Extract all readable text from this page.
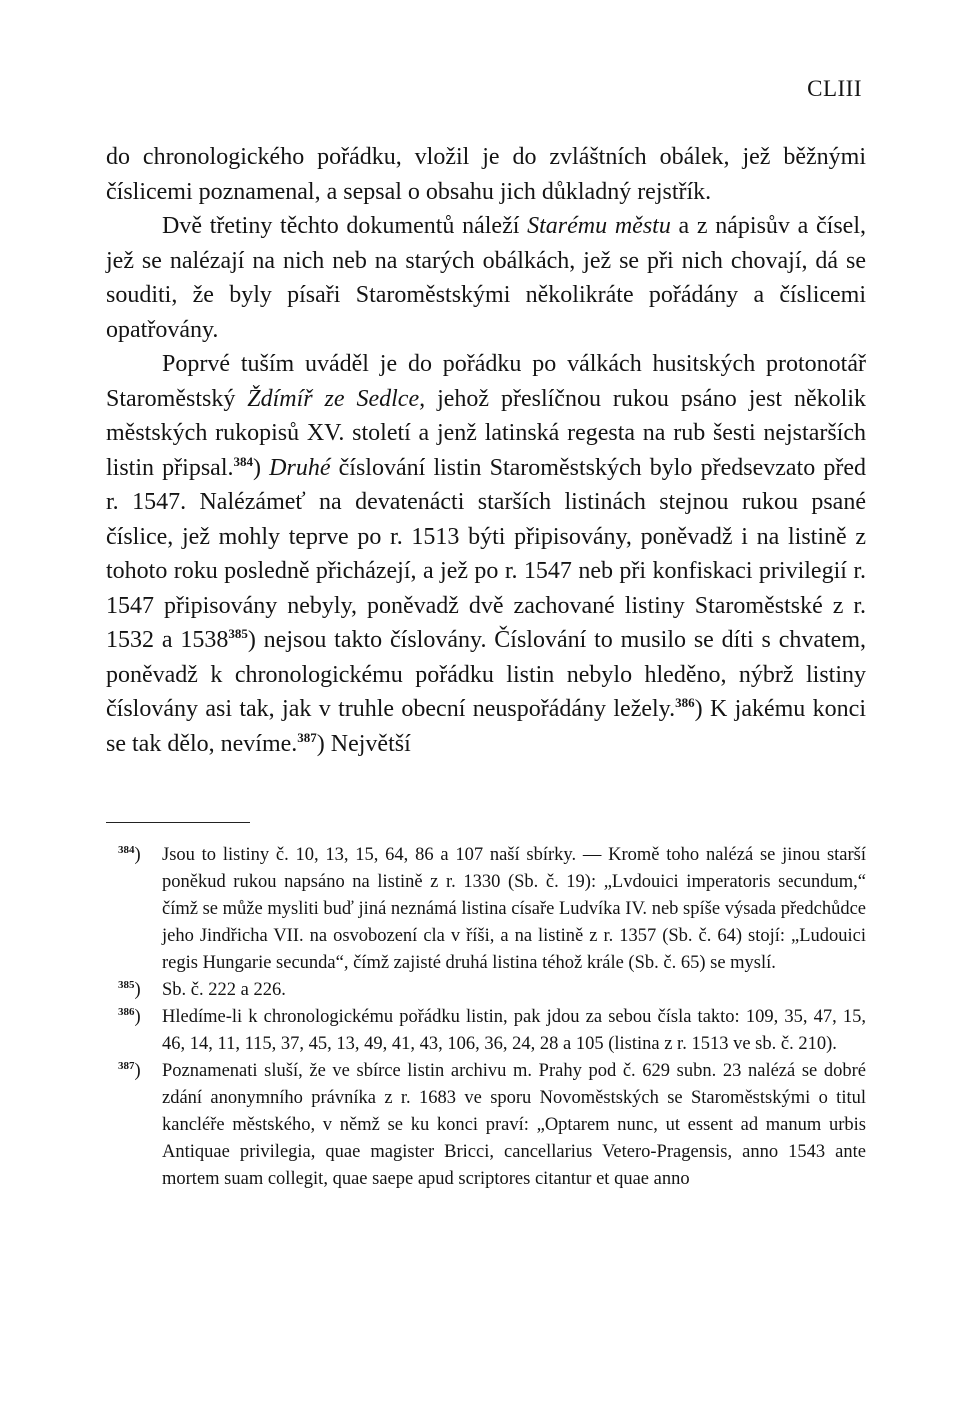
CLIII

do chronologického pořádku, vložil je do zvláštních obálek, jež běžnými číslicemi poznamenal, a sepsal o obsahu jich důkladný rejstřík.

Dvě třetiny těchto dokumentů náleží Starému městu a z nápisův a čísel, jež se nalézají na nich neb na starých obálkách, jež se při nich chovají, dá se souditi, že byly písaři Staroměstskými několikráte pořádány a číslicemi opatřovány.

Poprvé tuším uváděl je do pořádku po válkách husitských protonotář Staroměstský Ždímíř ze Sedlce, jehož přeslíčnou rukou psáno jest několik městských rukopisů XV. století a jenž latinská regesta na rub šesti nejstarších listin připsal.$^{384}$) Druhé číslování listin Staroměstských bylo předsevzato před r. 1547. Nalézámeť na devatenácti starších listinách stejnou rukou psané číslice, jež mohly teprve po r. 1513 býti připisovány, poněvadž i na listině z tohoto roku posledně přicházejí, a jež po r. 1547 neb při konfiskaci privilegií r. 1547 připisovány nebyly, poněvadž dvě zachované listiny Staroměstské z r. 1532 a 1538$^{385}$) nejsou takto číslovány. Číslování to musilo se díti s chvatem, poněvadž k chronologickému pořádku listin nebylo hleděno, nýbrž listiny číslovány asi tak, jak v truhle obecní neuspořádány ležely.$^{386}$) K jakému konci se tak dělo, nevíme.$^{387}$) Největší

$^{384}$)	Jsou to listiny č. 10, 13, 15, 64, 86 a 107 naší sbírky. — Kromě toho nalézá se jinou starší poněkud rukou napsáno na listině z r. 1330 (Sb. č. 19): „Lvdouici imperatoris secundum,“ čímž se může mysliti buď jiná neznámá listina císaře Ludvíka IV. neb spíše výsada předchůdce jeho Jindřicha VII. na osvobození cla v říši, a na listině z r. 1357 (Sb. č. 64) stojí: „Ludouici regis Hungarie secunda“, čímž zajisté druhá listina téhož krále (Sb. č. 65) se myslí.
$^{385}$)	Sb. č. 222 a 226.
$^{386}$)	Hledíme-li k chronologickému pořádku listin, pak jdou za sebou čísla takto: 109, 35, 47, 15, 46, 14, 11, 115, 37, 45, 13, 49, 41, 43, 106, 36, 24, 28 a 105 (listina z r. 1513 ve sb. č. 210).
$^{387}$)	Poznamenati sluší, že ve sbírce listin archivu m. Prahy pod č. 629 subn. 23 nalézá se dobré zdání anonymního právníka z r. 1683 ve sporu Novoměstských se Staroměstskými o titul kancléře městského, v němž se ku konci praví: „Optarem nunc, ut essent ad manum urbis Antiquae privilegia, quae magister Bricci, cancellarius Vetero-Pragensis, anno 1543 ante mortem suam collegit, quae saepe apud scriptores citantur et quae anno
